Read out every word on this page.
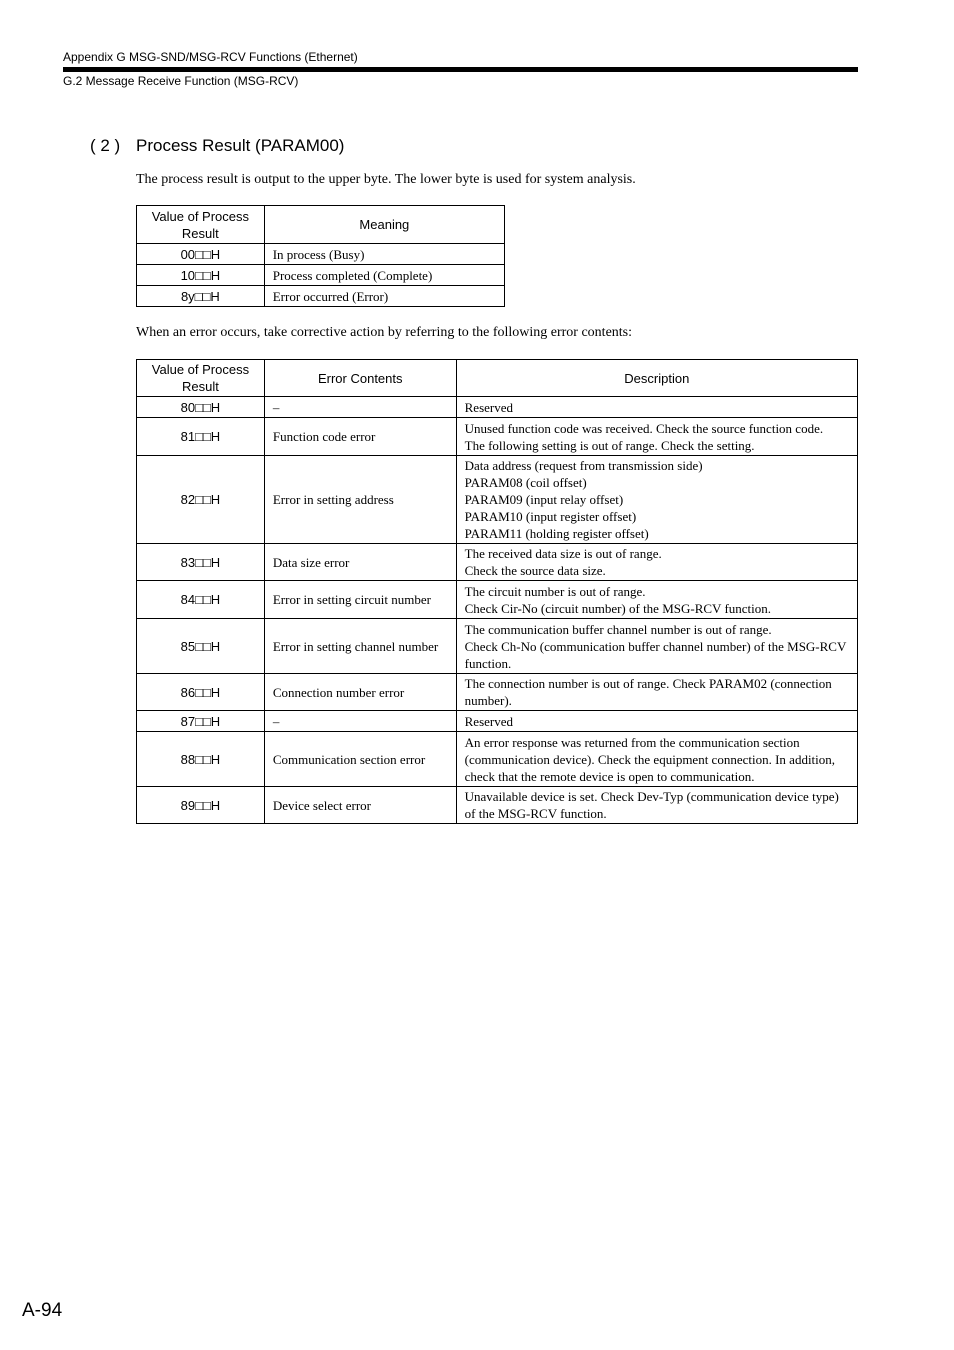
Appendix G MSG-SND/MSG-RCV Functions (Ethernet)
G.2 Message Receive Function (MSG-RCV)
( 2 ) Process Result (PARAM00)
The process result is output to the upper byte. The lower byte is used for system analysis.
Value of Process Result	Meaning
00□□H	In process (Busy)
10□□H	Process completed (Complete)
8y□□H	Error occurred (Error)
When an error occurs, take corrective action by referring to the following error contents:
Value of Process Result	Error Contents	Description
80□□H	–	Reserved
81□□H	Function code error	Unused function code was received. Check the source function code.
The following setting is out of range. Check the setting.
82□□H	Error in setting address	Data address (request from transmission side)
PARAM08 (coil offset)
PARAM09 (input relay offset)
PARAM10 (input register offset)
PARAM11 (holding register offset)
83□□H	Data size error	The received data size is out of range.
Check the source data size.
84□□H	Error in setting circuit number	The circuit number is out of range.
Check Cir-No (circuit number) of the MSG-RCV function.
85□□H	Error in setting channel number	The communication buffer channel number is out of range.
Check Ch-No (communication buffer channel number) of the MSG-RCV function.
86□□H	Connection number error	The connection number is out of range. Check PARAM02 (connection number).
87□□H	–	Reserved
88□□H	Communication section error	An error response was returned from the communication section (communication device). Check the equipment connection. In addition, check that the remote device is open to communication.
89□□H	Device select error	Unavailable device is set. Check Dev-Typ (communication device type) of the MSG-RCV function.
A-94
